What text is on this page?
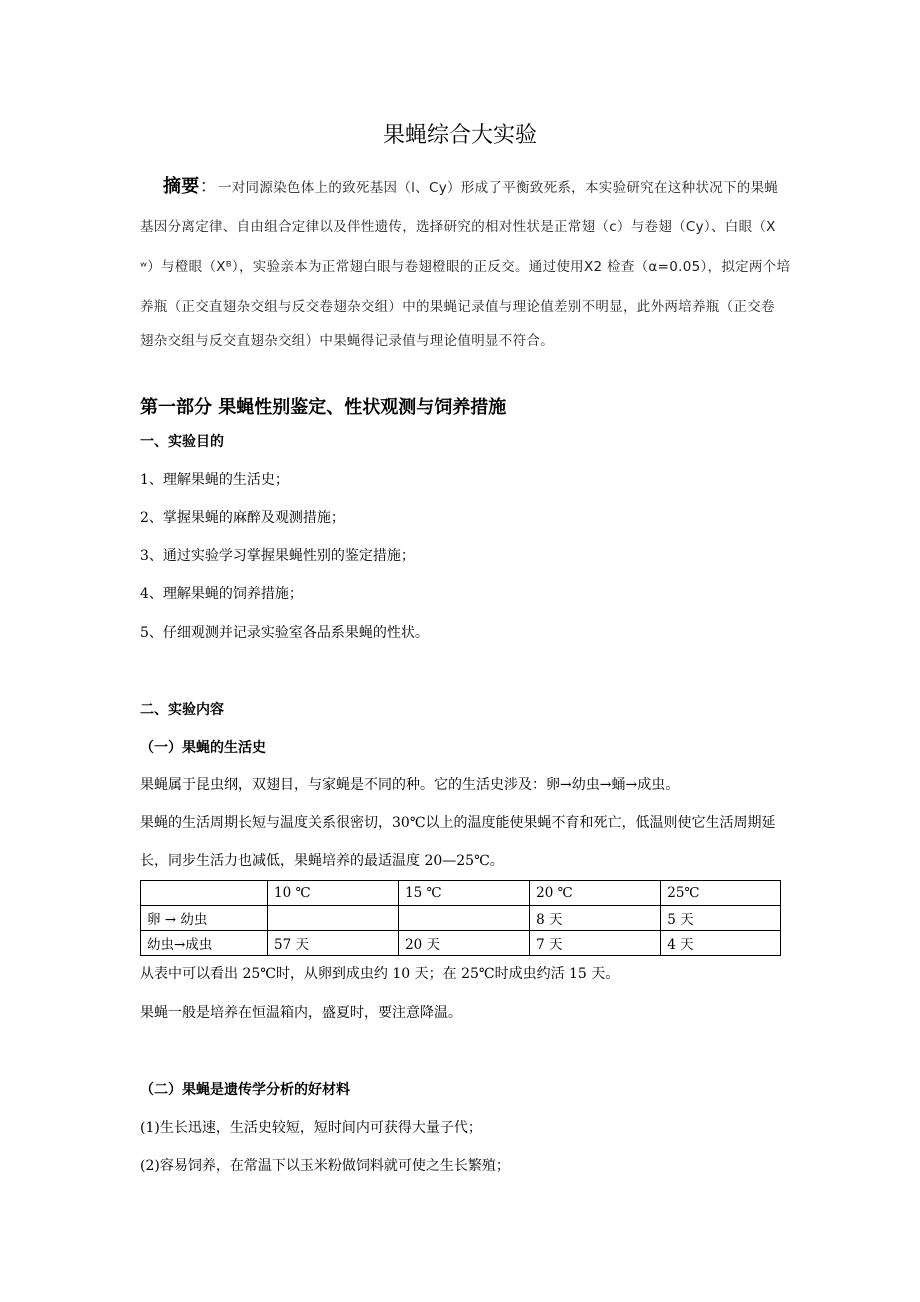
果蝇综合大实验
摘要：一对同源染色体上的致死基因（l、Cy）形成了平衡致死系，本实验研究在这种状况下的果蝇
基因分离定律、自由组合定律以及伴性遗传，选择研究的相对性状是正常翅（c）与卷翅（Cy）、白眼（X
ʷ）与橙眼（Xᴮ），实验亲本为正常翅白眼与卷翅橙眼的正反交。通过使用X2 检查（α=0.05），拟定两个培
养瓶（正交直翅杂交组与反交卷翅杂交组）中的果蝇记录值与理论值差别不明显，此外两培养瓶（正交卷
翅杂交组与反交直翅杂交组）中果蝇得记录值与理论值明显不符合。
第一部分 果蝇性别鉴定、性状观测与饲养措施
一、实验目的
1、理解果蝇的生活史；
2、掌握果蝇的麻醉及观测措施；
3、通过实验学习掌握果蝇性别的鉴定措施；
4、理解果蝇的饲养措施；
5、仔细观测并记录实验室各品系果蝇的性状。
二、实验内容
（一）果蝇的生活史
果蝇属于昆虫纲，双翅目，与家蝇是不同的种。它的生活史涉及：卵→幼虫→蛹→成虫。
果蝇的生活周期长短与温度关系很密切，30℃以上的温度能使果蝇不育和死亡，低温则使它生活周期延
长，同步生活力也减低，果蝇培养的最适温度 20—25℃。
	10 ℃	15 ℃	20 ℃	25℃
卵 → 幼虫			8 天	5 天
幼虫→成虫	57 天	20 天	7 天	4 天
从表中可以看出 25℃时，从卵到成虫约 10 天；在 25℃时成虫约活 15 天。
果蝇一般是培养在恒温箱内，盛夏时，要注意降温。
（二）果蝇是遗传学分析的好材料
(1)生长迅速，生活史较短，短时间内可获得大量子代；
(2)容易饲养，在常温下以玉米粉做饲料就可使之生长繁殖；
